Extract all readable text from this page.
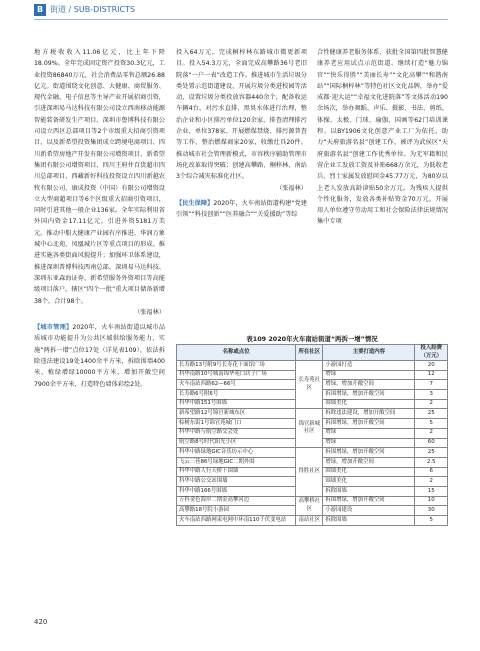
B 街道 / SUB-DISTRICTS

地方税收收入11.06亿元，比上年下降18.09%。全年完成固定资产投资30.3亿元，工业投资86840万元，社会消费品零售总额26.88亿元。街道围绕文化创意、大健康、商贸服务、现代金融、电子信息等主导产业开展招商引资，引进深圳易马达科技有限公司设立西南移动能源智能装备研发生产项目、深圳市鲁博科技有限公司设立西区总部项目等2个市级重大招商引资项目，以及新希望投资集团成立跨境电商项目、四川新希望房地产开发有限公司增资项目、新希望集团有限公司增资项目、四川王府井百货超市四川总部项目、西藏新好科技投资设立四川新越农牧有限公司、康成投资（中国）有限公司增资设立大型商超项目等6个区级重大招商引资项目，同时引进其他一般企业136家。全年实际利用省外国内资金17.11亿元，引进外资5181万美元。推动中船大健康产业园有序推进、华润万象城中心北苑、凤凰城片区等重点项目的形成。推进实施各类街面风貌提升；加强环卫体系建设，推进深圳普博科技西南总部、深圳易马达科技、深圳东亚森海证券、新希望服务外资项目等高能级项目落户。辖区“四个一批”重大项目储备新增38个，合计98个。

（张福林）

【城市管理】2020年，火车南站街道以城市品质城市功能提升为公共区域供给服务能力，实施“两拆一增”点位17处（详见表109），依法拆除违法建设19处1400余平方米，拆除围墙400米，植绿增绿10000平方米，增加开敞空间7900余平方米，打造特色墙体彩绘2处。

投入64万元，完成桐梓林东路城市微更新项目。投入54.3万元，全面完成高攀路36号老旧院落“一户一表”改造工作。推进城市生活垃圾分类处置示范街道建设，开展垃圾分类进校园等活动，设置垃圾分类投放容器440余个，配备收运车辆4台。对污水直排、黑臭水体进行治理，整治企业和小区排污单位120余家，排查清理排污企业、单位378家。开展燃煤禁烧、排污源普查等工作，整治燃煤商家20家，收缴灶具20件。推动城市社会管理新模式，市容秩序辅助管理市场化改革取得突破；创建高攀路、桐梓林、南站3个综合减灾标准化社区。

（张福林）

【民生保障】2020年，火车南站街道构建“党建引领”“科技创新”“医养融合”“关爱援助”等综

合性健康养老服务体系，获批全国第四批智慧健康养老应用试点示范街道。继续打造“魅力锦官”“快乐得胜”“美丽长寿”“文化高攀”“和谐南站”“国际桐梓林”等特色社区文化品牌，举办“爱成都·迎大运”“幸福文化进院落”等文体活动190余场次，举办舞蹈、声乐、摄影、书法、剪纸、体操、太极、门球、瑜伽、国画等62门培训课程。以BY1906文化创意产业工厂为依托，助力“天府旅游名县”创建工作，被评为武侯区“天府旅游名县”创建工作优秀单位。为无军籍和民营企业工发放工资及补贴668万余元，为低收老兵、烈士家属发放慰问金45.77万元，为80岁以上老人发放高龄津贴50余万元。为残疾人提供个性化服务，发放各类补贴资金70万元。开展用人单位遵守劳动用工和社会保险法律法规情况集中专项

表109 2020年火车南站街道“两拆一增”情况
名称或点位	所在社区	主要打造内容	投入经费（万元）
长寿路13号附9号长寿花干面馆广场	长寿苑社区	小游园打造	20
科华南路10号城南锦华苑口店子广场		增绿	12
火车南站西路62—66号		增绿，增加开敞空间	7
长寿路6号附6号		拆围增绿，增加开敞空间	3
科华中路151号围墙		围墙美化	2
新希望路12号锦官新城东区	锦官新城社区	拆除违法建设，增加开敞空间	25
棕树东街1号锦官苑城门口		拆围增绿，增加开敞空间	5
科华中路与航空路交会处		增绿	2
航空路8号时代阳光小区		增绿	60
科华中路绿地GIC音乐坊示中心	得胜社区	拆围增绿，增加开敞空间	25
飞云三巷86号绿地GIC二期外围		增绿，增加开敞空间	2.5
科华中路人行天桥下围墙		围墙美化	6
科华中路公交站围墙		围墙美化	2
科华中路166号围墙		拆除围墙	15
万科金色海岸二期金高攀河边	高攀桥社区	拆围增绿，增加开敞空间	10
高攀路18号院小游园		小游园建设	30
火车南站西路网束电网中环南110千伏变电站	南站社区	拆除围墙	5
420
